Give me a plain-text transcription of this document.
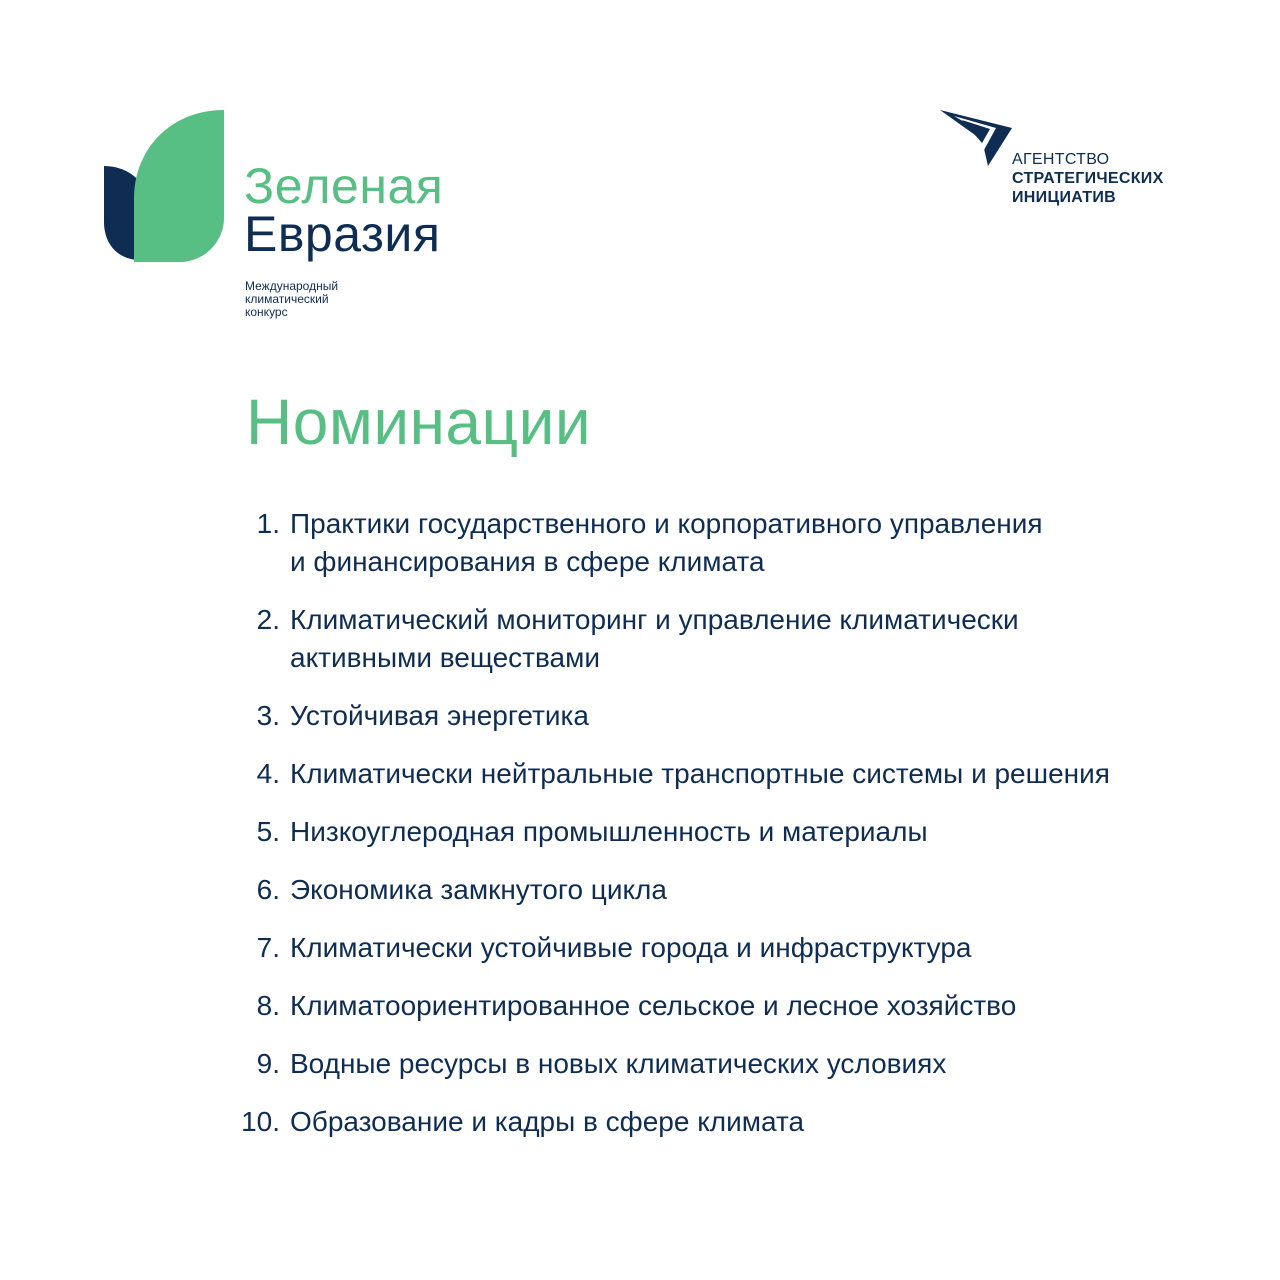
Зеленая
Евразия
Международный
климатический
конкурс
АГЕНТСТВО
СТРАТЕГИЧЕСКИХ
ИНИЦИАТИВ
Номинации
1. Практики государственного и корпоративного управления
и финансирования в сфере климата
2. Климатический мониторинг и управление климатически
активными веществами
3. Устойчивая энергетика
4. Климатически нейтральные транспортные системы и решения
5. Низкоуглеродная промышленность и материалы
6. Экономика замкнутого цикла
7. Климатически устойчивые города и инфраструктура
8. Климатоориентированное сельское и лесное хозяйство
9. Водные ресурсы в новых климатических условиях
10. Образование и кадры в сфере климата
